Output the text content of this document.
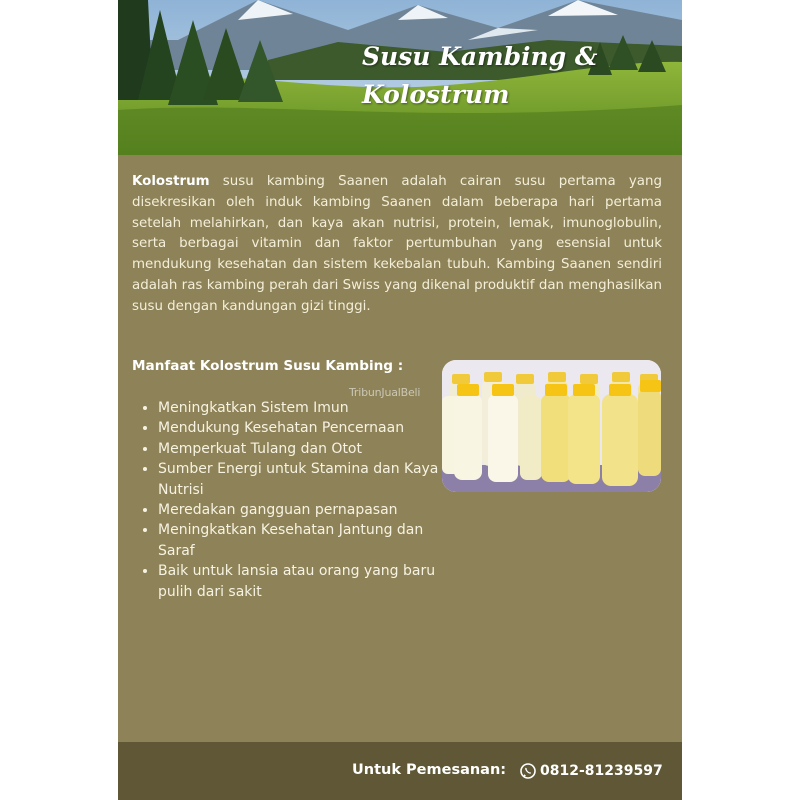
Susu Kambing & Kolostrum

Kolostrum susu kambing Saanen adalah cairan susu pertama yang disekresikan oleh induk kambing Saanen dalam beberapa hari pertama setelah melahirkan, dan kaya akan nutrisi, protein, lemak, imunoglobulin, serta berbagai vitamin dan faktor pertumbuhan yang esensial untuk mendukung kesehatan dan sistem kekebalan tubuh. Kambing Saanen sendiri adalah ras kambing perah dari Swiss yang dikenal produktif dan menghasilkan susu dengan kandungan gizi tinggi.

Manfaat Kolostrum Susu Kambing :
• Meningkatkan Sistem Imun
• Mendukung Kesehatan Pencernaan
• Memperkuat Tulang dan Otot
• Sumber Energi untuk Stamina dan Kaya Nutrisi
• Meredakan gangguan pernapasan
• Meningkatkan Kesehatan Jantung dan Saraf
• Baik untuk lansia atau orang yang baru pulih dari sakit
TribunJualBeli

Untuk Pemesanan: 0812-81239597
